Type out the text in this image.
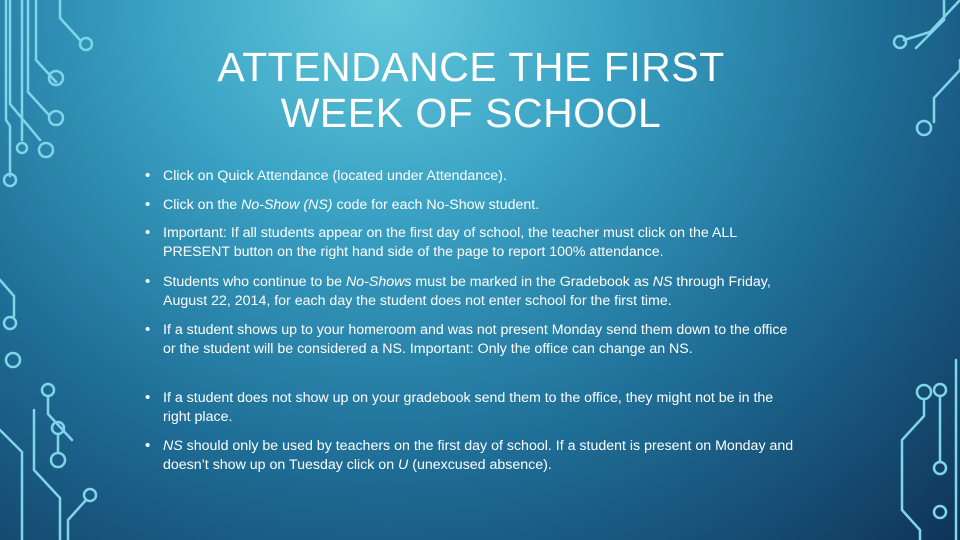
ATTENDANCE THE FIRST
WEEK OF SCHOOL
• Click on Quick Attendance (located under Attendance).
• Click on the No-Show (NS) code for each No-Show student.
• Important: If all students appear on the first day of school, the teacher must click on the ALL PRESENT button on the right hand side of the page to report 100% attendance.
• Students who continue to be No-Shows must be marked in the Gradebook as NS through Friday, August 22, 2014, for each day the student does not enter school for the first time.
• If a student shows up to your homeroom and was not present Monday send them down to the office or the student will be considered a NS. Important: Only the office can change an NS.
• If a student does not show up on your gradebook send them to the office, they might not be in the right place.
• NS should only be used by teachers on the first day of school. If a student is present on Monday and doesn’t show up on Tuesday click on U (unexcused absence).
